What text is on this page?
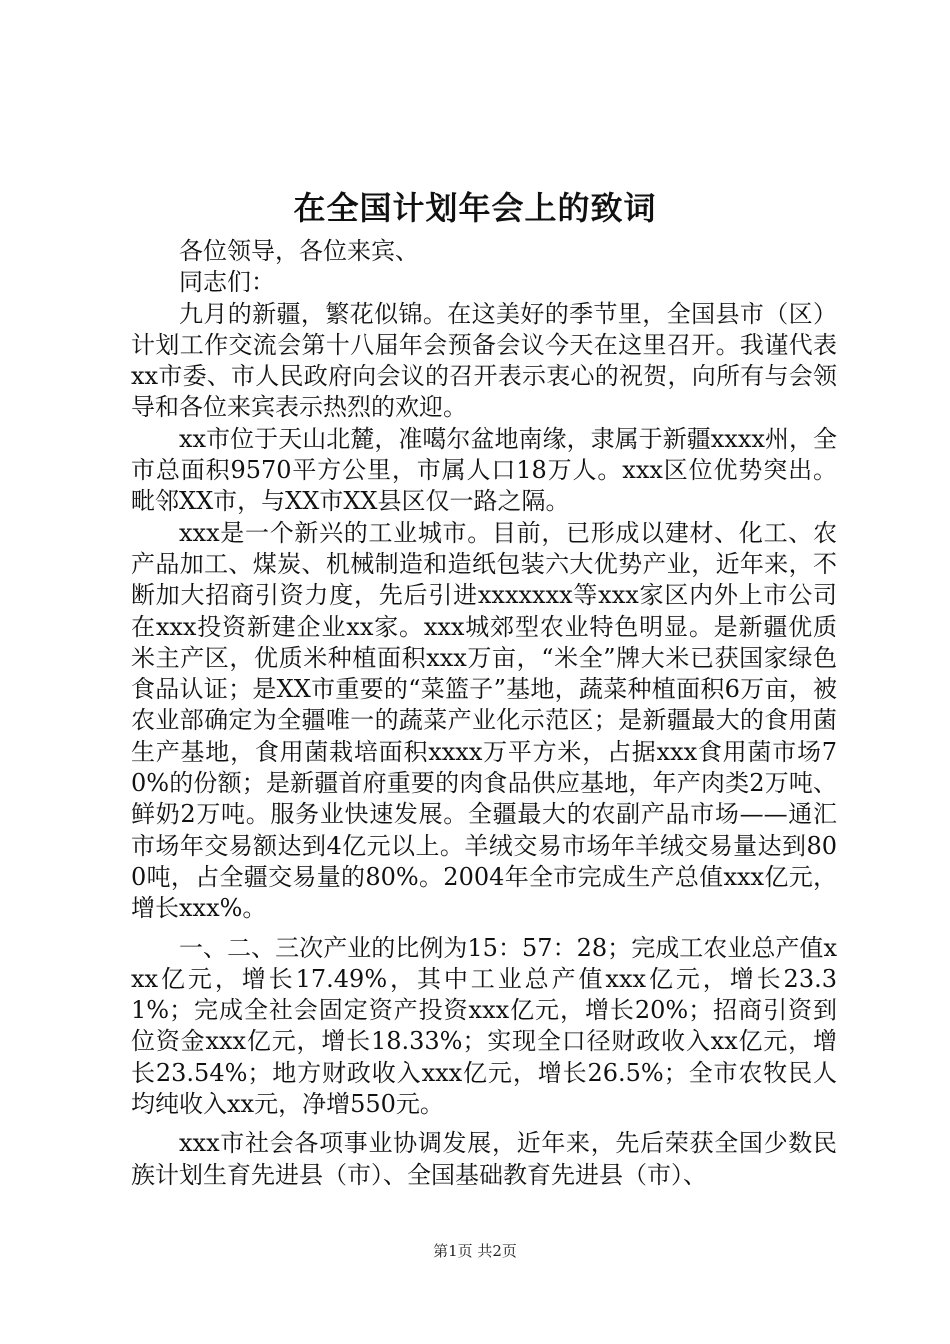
在全国计划年会上的致词

各位领导，各位来宾、

同志们：

九月的新疆，繁花似锦。在这美好的季节里，全国县市（区）计划工作交流会第十八届年会预备会议今天在这里召开。我谨代表xx市委、市人民政府向会议的召开表示衷心的祝贺，向所有与会领导和各位来宾表示热烈的欢迎。

xx市位于天山北麓，准噶尔盆地南缘，隶属于新疆xxxx州，全市总面积9570平方公里，市属人口18万人。xxx区位优势突出。毗邻XX市，与XX市XX县区仅一路之隔。

xxx是一个新兴的工业城市。目前，已形成以建材、化工、农产品加工、煤炭、机械制造和造纸包装六大优势产业，近年来，不断加大招商引资力度，先后引进xxxxxxx等xxx家区内外上市公司在xxx投资新建企业xx家。xxx城郊型农业特色明显。是新疆优质米主产区，优质米种植面积xxx万亩，“米全”牌大米已获国家绿色食品认证；是XX市重要的“菜篮子”基地，蔬菜种植面积6万亩，被农业部确定为全疆唯一的蔬菜产业化示范区；是新疆最大的食用菌生产基地，食用菌栽培面积xxxx万平方米，占据xxx食用菌市场70%的份额；是新疆首府重要的肉食品供应基地，年产肉类2万吨、鲜奶2万吨。服务业快速发展。全疆最大的农副产品市场——通汇市场年交易额达到4亿元以上。羊绒交易市场年羊绒交易量达到800吨，占全疆交易量的80%。2004年全市完成生产总值xxx亿元，增长xxx%。

一、二、三次产业的比例为15：57：28；完成工农业总产值xxx亿元，增长17.49%，其中工业总产值xxx亿元，增长23.31%；完成全社会固定资产投资xxx亿元，增长20%；招商引资到位资金xxx亿元，增长18.33%；实现全口径财政收入xx亿元，增长23.54%；地方财政收入xxx亿元，增长26.5%；全市农牧民人均纯收入xx元，净增550元。

xxx市社会各项事业协调发展，近年来，先后荣获全国少数民族计划生育先进县（市）、全国基础教育先进县（市）、

第1页 共2页
